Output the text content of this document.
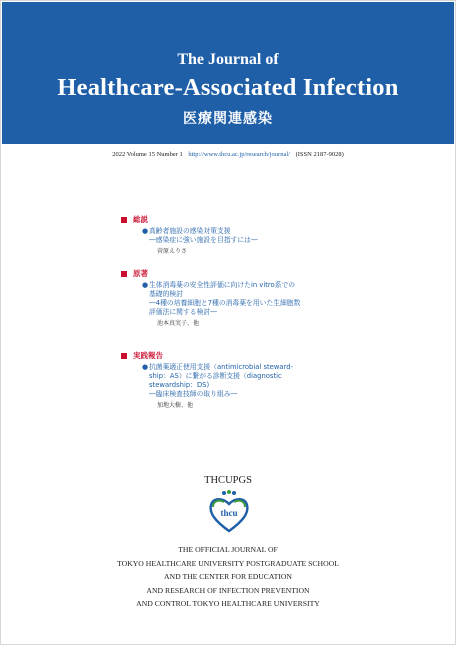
The Journal of
Healthcare-Associated Infection
医療関連感染
2022 Volume 15 Number 1 http://www.thcu.ac.jp/research/journal/ (ISSN 2187-9028)
総説
● 高齢者施設の感染対策支援
―感染症に強い施設を目指すには―
菅原えりさ
原著
● 生体消毒薬の安全性評価に向けたin vitro系での
基礎的検討
―4種の培養細胞と7種の消毒薬を用いた生細胞数
評価法に関する検討―
池本真実子、他
実践報告
● 抗菌薬適正使用支援（antimicrobial steward-
ship：AS）に繋がる診断支援（diagnostic
stewardship：DS)
―臨床検査技師の取り組み―
加地大樹、他
THCUPGS
thcu
THE OFFICIAL JOURNAL OF
TOKYO HEALTHCARE UNIVERSITY POSTGRADUATE SCHOOL
AND THE CENTER FOR EDUCATION
AND RESEARCH OF INFECTION PREVENTION
AND CONTROL TOKYO HEALTHCARE UNIVERSITY
